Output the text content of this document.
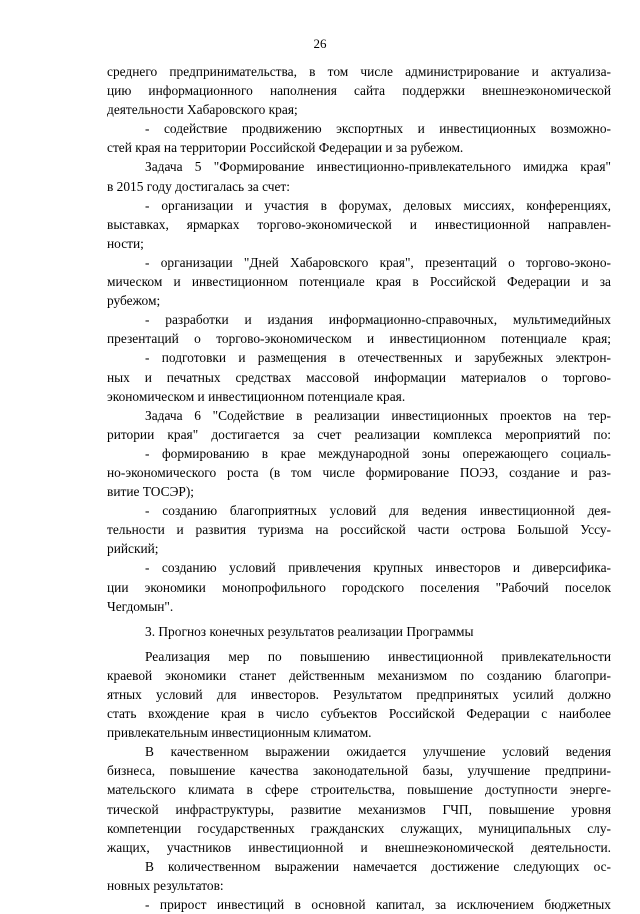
26
среднего предпринимательства, в том числе администрирование и актуализа-
цию информационного наполнения сайта поддержки внешнеэкономической
деятельности Хабаровского края;
- содействие продвижению экспортных и инвестиционных возможно-
стей края на территории Российской Федерации и за рубежом.
Задача 5 "Формирование инвестиционно-привлекательного имиджа края"
в 2015 году достигалась за счет:
- организации и участия в форумах, деловых миссиях, конференциях,
выставках, ярмарках торгово-экономической и инвестиционной направлен-
ности;
- организации "Дней Хабаровского края", презентаций о торгово-эконо-
мическом и инвестиционном потенциале края в Российской Федерации и за
рубежом;
- разработки и издания информационно-справочных, мультимедийных
презентаций о торгово-экономическом и инвестиционном потенциале края;
- подготовки и размещения в отечественных и зарубежных электрон-
ных и печатных средствах массовой информации материалов о торгово-
экономическом и инвестиционном потенциале края.
Задача 6 "Содействие в реализации инвестиционных проектов на тер-
ритории края" достигается за счет реализации комплекса мероприятий по:
- формированию в крае международной зоны опережающего социаль-
но-экономического роста (в том числе формирование ПОЭЗ, создание и раз-
витие ТОСЭР);
- созданию благоприятных условий для ведения инвестиционной дея-
тельности и развития туризма на российской части острова Большой Уссу-
рийский;
- созданию условий привлечения крупных инвесторов и диверсифика-
ции экономики монопрофильного городского поселения "Рабочий поселок
Чегдомын".
3. Прогноз конечных результатов реализации Программы
Реализация мер по повышению инвестиционной привлекательности
краевой экономики станет действенным механизмом по созданию благопри-
ятных условий для инвесторов. Результатом предпринятых усилий должно
стать вхождение края в число субъектов Российской Федерации с наиболее
привлекательным инвестиционным климатом.
В качественном выражении ожидается улучшение условий ведения
бизнеса, повышение качества законодательной базы, улучшение предприни-
мательского климата в сфере строительства, повышение доступности энерге-
тической инфраструктуры, развитие механизмов ГЧП, повышение уровня
компетенции государственных гражданских служащих, муниципальных слу-
жащих, участников инвестиционной и внешнеэкономической деятельности.
В количественном выражении намечается достижение следующих ос-
новных результатов:
- прирост инвестиций в основной капитал, за исключением бюджетных
